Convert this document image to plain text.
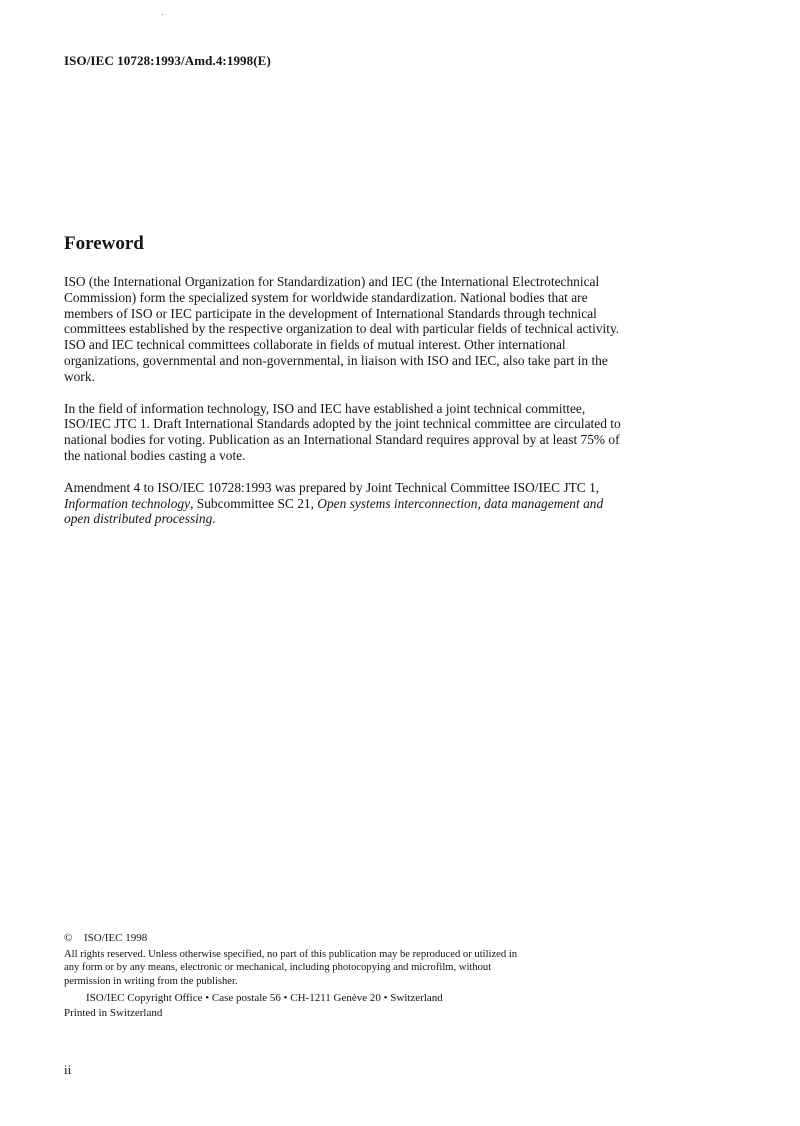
ISO/IEC 10728:1993/Amd.4:1998(E)
Foreword

ISO (the International Organization for Standardization) and IEC (the International Electrotechnical Commission) form the specialized system for worldwide standardization. National bodies that are members of ISO or IEC participate in the development of International Standards through technical committees established by the respective organization to deal with particular fields of technical activity. ISO and IEC technical committees collaborate in fields of mutual interest. Other international organizations, governmental and non-governmental, in liaison with ISO and IEC, also take part in the work.

In the field of information technology, ISO and IEC have established a joint technical committee, ISO/IEC JTC 1. Draft International Standards adopted by the joint technical committee are circulated to national bodies for voting. Publication as an International Standard requires approval by at least 75% of the national bodies casting a vote.

Amendment 4 to ISO/IEC 10728:1993 was prepared by Joint Technical Committee ISO/IEC JTC 1, Information technology, Subcommittee SC 21, Open systems interconnection, data management and open distributed processing.

© ISO/IEC 1998

All rights reserved. Unless otherwise specified, no part of this publication may be reproduced or utilized in any form or by any means, electronic or mechanical, including photocopying and microfilm, without permission in writing from the publisher.

ISO/IEC Copyright Office • Case postale 56 • CH-1211 Genève 20 • Switzerland
Printed in Switzerland
ii
